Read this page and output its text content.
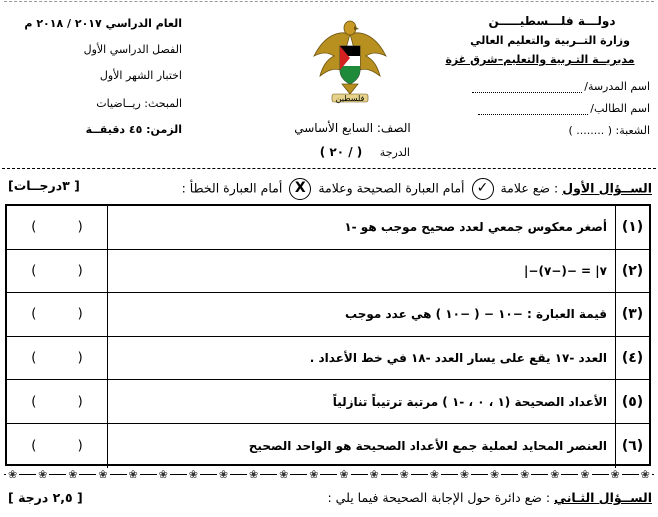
دولـــة فلـــسطيـــــن
وزارة التــربية والتعليم العالي
مديريــة التـربية والتعليم–شرق غزة
اسم المدرسة/
اسم الطالب/
الشعبة: ( ........ )
العام الدراسي ٢٠١٧ / ٢٠١٨ م
الفصل الدراسي الأول
اختبار الشهر الأول
المبحث: ريــاضيات
الزمن: ٤٥ دقيقــة
فلسطين
الصف: السابع الأساسي
الدرجة ( / ٢٠ )
الســؤال الأول : ضع علامة ✓ أمام العبارة الصحيحة وعلامة X أمام العبارة الخطأ :
[ ٣درجــات]
(١)
أصغر معكوس جمعي لعدد صحيح موجب هو -١
(          )
(٢)
|−٧| = −(−٧)
(          )
(٣)
قيمة العبارة : −١٠ − ( −١٠ ) هي عدد موجب
(          )
(٤)
العدد -١٧ يقع على يسار العدد -١٨ في خط الأعداد .
(          )
(٥)
الأعداد الصحيحة (١ ، ٠ ، -١ ) مرتبة ترتيباً تنازلياً
(          )
(٦)
العنصر المحايد لعملية جمع الأعداد الصحيحة هو الواحد الصحيح
(          )
❀ ❀ ❀ ❀ ❀ ❀ ❀ ❀ ❀ ❀ ❀ ❀ ❀ ❀ ❀ ❀ ❀ ❀ ❀ ❀ ❀ ❀
الســؤال الثـاني : ضع دائرة حول الإجابة الصحيحة فيما يلي :
[ ٢,٥ درجة ]
